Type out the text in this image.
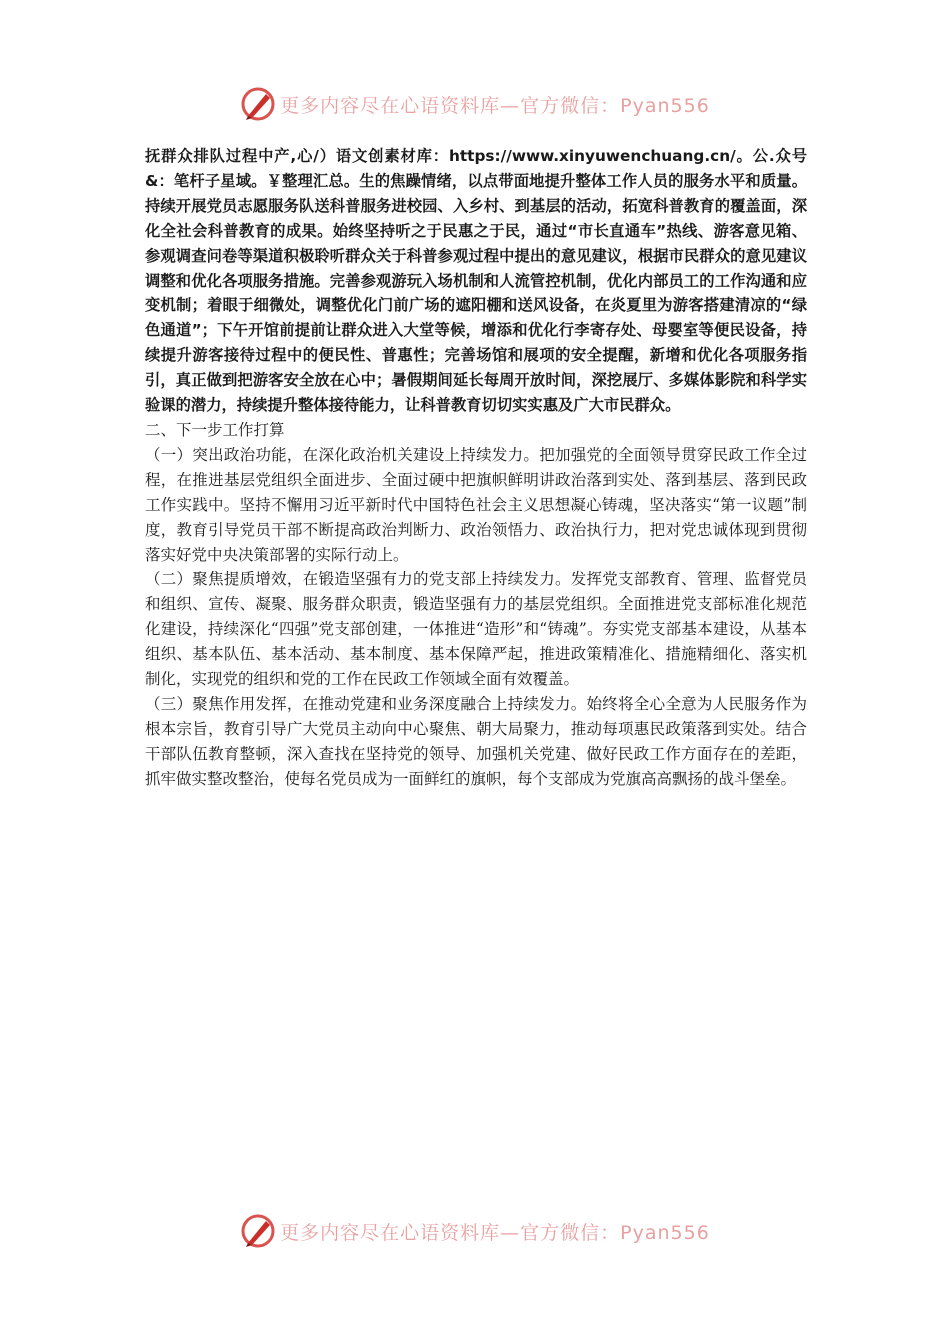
更多内容尽在心语资料库—官方微信：Pyan556

抚群众排队过程中产,心/）语文创素材库：https://www.xinyuwenchuang.cn/。公.众号&：笔杆子星域。￥整理汇总。生的焦躁情绪，以点带面地提升整体工作人员的服务水平和质量。持续开展党员志愿服务队送科普服务进校园、入乡村、到基层的活动，拓宽科普教育的覆盖面，深化全社会科普教育的成果。始终坚持听之于民惠之于民，通过“市长直通车”热线、游客意见箱、参观调查问卷等渠道积极聆听群众关于科普参观过程中提出的意见建议，根据市民群众的意见建议调整和优化各项服务措施。完善参观游玩入场机制和人流管控机制，优化内部员工的工作沟通和应变机制；着眼于细微处，调整优化门前广场的遮阳棚和送风设备，在炎夏里为游客搭建清凉的“绿色通道”；下午开馆前提前让群众进入大堂等候，增添和优化行李寄存处、母婴室等便民设备，持续提升游客接待过程中的便民性、普惠性；完善场馆和展项的安全提醒，新增和优化各项服务指引，真正做到把游客安全放在心中；暑假期间延长每周开放时间，深挖展厅、多媒体影院和科学实验课的潜力，持续提升整体接待能力，让科普教育切切实实惠及广大市民群众。

二、下一步工作打算

（一）突出政治功能，在深化政治机关建设上持续发力。把加强党的全面领导贯穿民政工作全过程，在推进基层党组织全面进步、全面过硬中把旗帜鲜明讲政治落到实处、落到基层、落到民政工作实践中。坚持不懈用习近平新时代中国特色社会主义思想凝心铸魂，坚决落实“第一议题”制度，教育引导党员干部不断提高政治判断力、政治领悟力、政治执行力，把对党忠诚体现到贯彻落实好党中央决策部署的实际行动上。

（二）聚焦提质增效，在锻造坚强有力的党支部上持续发力。发挥党支部教育、管理、监督党员和组织、宣传、凝聚、服务群众职责，锻造坚强有力的基层党组织。全面推进党支部标准化规范化建设，持续深化“四强”党支部创建，一体推进“造形”和“铸魂”。夯实党支部基本建设，从基本组织、基本队伍、基本活动、基本制度、基本保障严起，推进政策精准化、措施精细化、落实机制化，实现党的组织和党的工作在民政工作领域全面有效覆盖。

（三）聚焦作用发挥，在推动党建和业务深度融合上持续发力。始终将全心全意为人民服务作为根本宗旨，教育引导广大党员主动向中心聚焦、朝大局聚力，推动每项惠民政策落到实处。结合干部队伍教育整顿，深入查找在坚持党的领导、加强机关党建、做好民政工作方面存在的差距，抓牢做实整改整治，使每名党员成为一面鲜红的旗帜，每个支部成为党旗高高飘扬的战斗堡垒。

更多内容尽在心语资料库—官方微信：Pyan556
